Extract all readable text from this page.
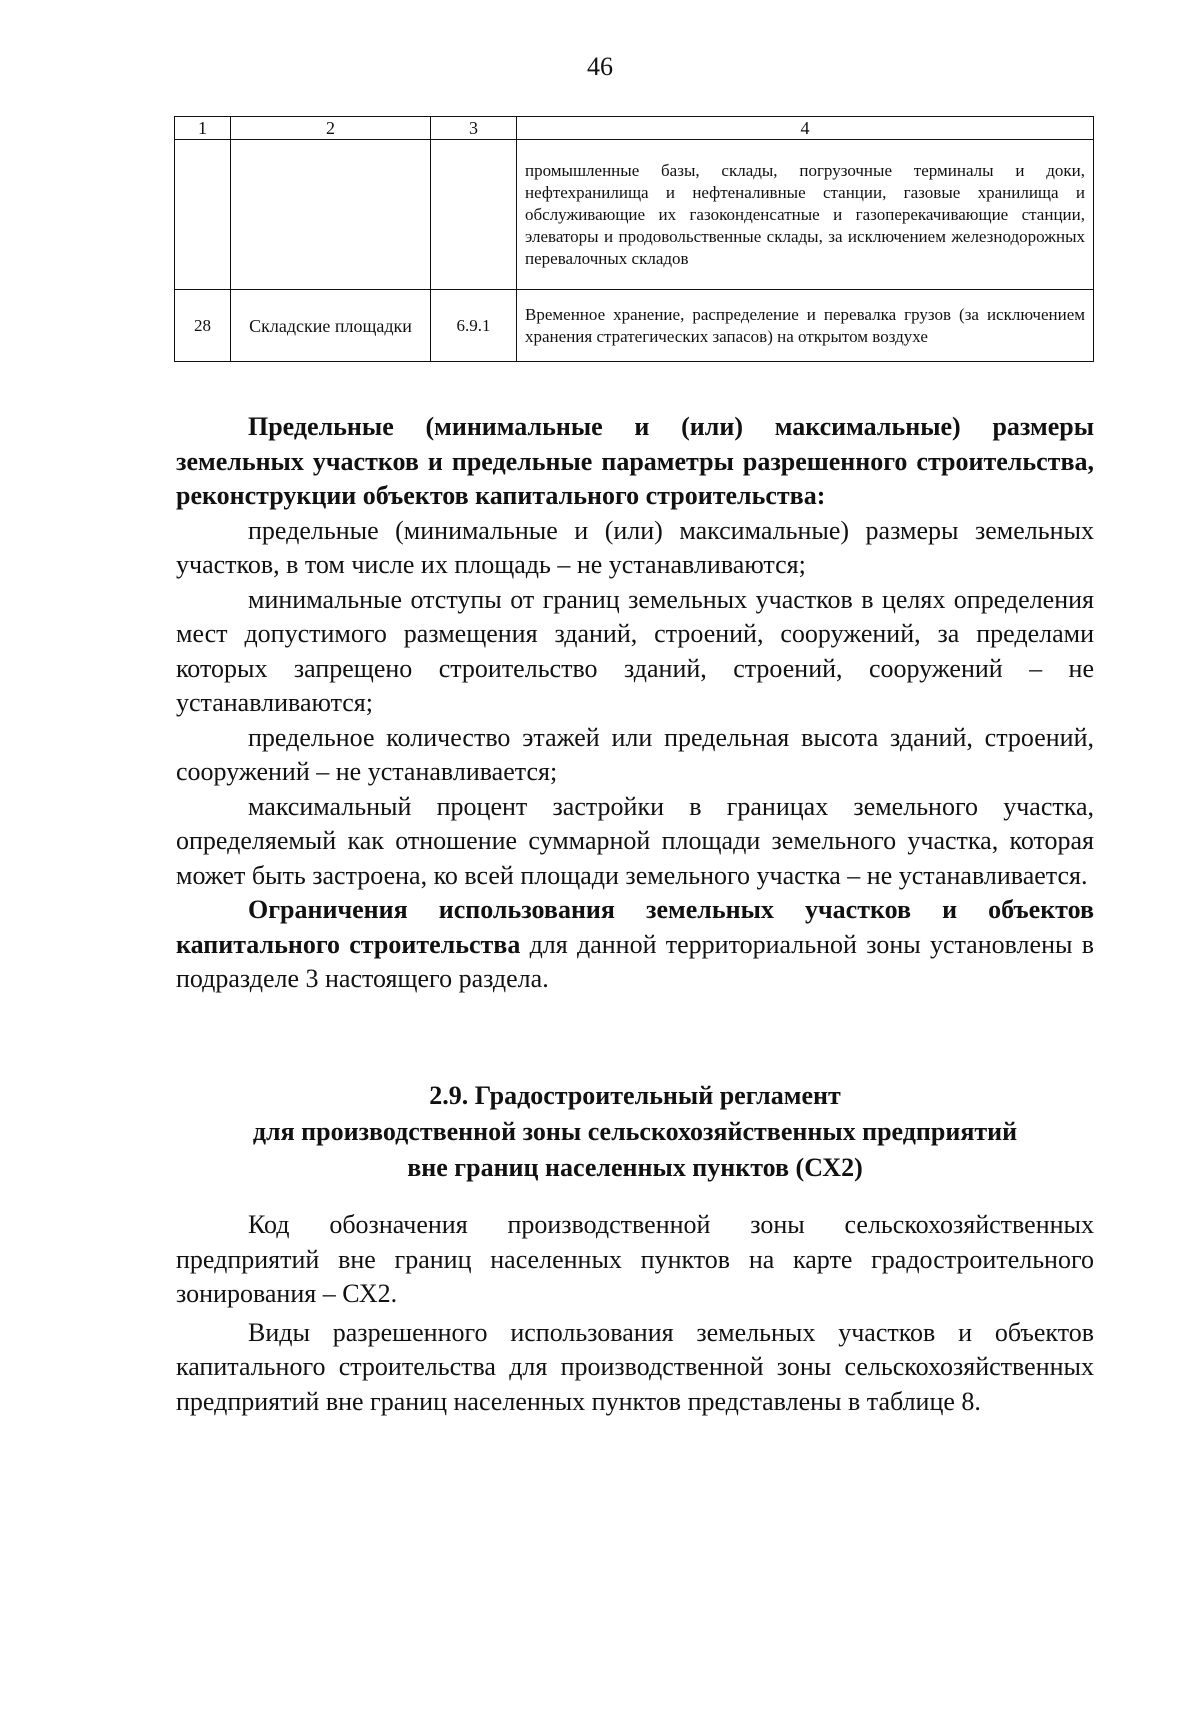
46
1	2	3	4
			промышленные базы, склады, погрузочные терминалы и доки, нефтехранилища и нефтеналивные станции, газовые хранилища и обслуживающие их газоконденсатные и газоперекачивающие станции, элеваторы и продовольственные склады, за исключением железнодорожных перевалочных складов
28	Складские площадки	6.9.1	Временное хранение, распределение и перевалка грузов (за исключением хранения стратегических запасов) на открытом воздухе

Предельные (минимальные и (или) максимальные) размеры земельных участков и предельные параметры разрешенного строительства, реконструкции объектов капитального строительства:

предельные (минимальные и (или) максимальные) размеры земельных участков, в том числе их площадь – не устанавливаются;

минимальные отступы от границ земельных участков в целях определения мест допустимого размещения зданий, строений, сооружений, за пределами которых запрещено строительство зданий, строений, сооружений – не устанавливаются;

предельное количество этажей или предельная высота зданий, строений, сооружений – не устанавливается;

максимальный процент застройки в границах земельного участка, определяемый как отношение суммарной площади земельного участка, которая может быть застроена, ко всей площади земельного участка – не устанавливается.

Ограничения использования земельных участков и объектов капитального строительства для данной территориальной зоны установлены в подразделе 3 настоящего раздела.

2.9. Градостроительный регламент
для производственной зоны сельскохозяйственных предприятий
вне границ населенных пунктов (СХ2)

Код обозначения производственной зоны сельскохозяйственных предприятий вне границ населенных пунктов на карте градостроительного зонирования – СХ2.

Виды разрешенного использования земельных участков и объектов капитального строительства для производственной зоны сельскохозяйственных предприятий вне границ населенных пунктов представлены в таблице 8.
